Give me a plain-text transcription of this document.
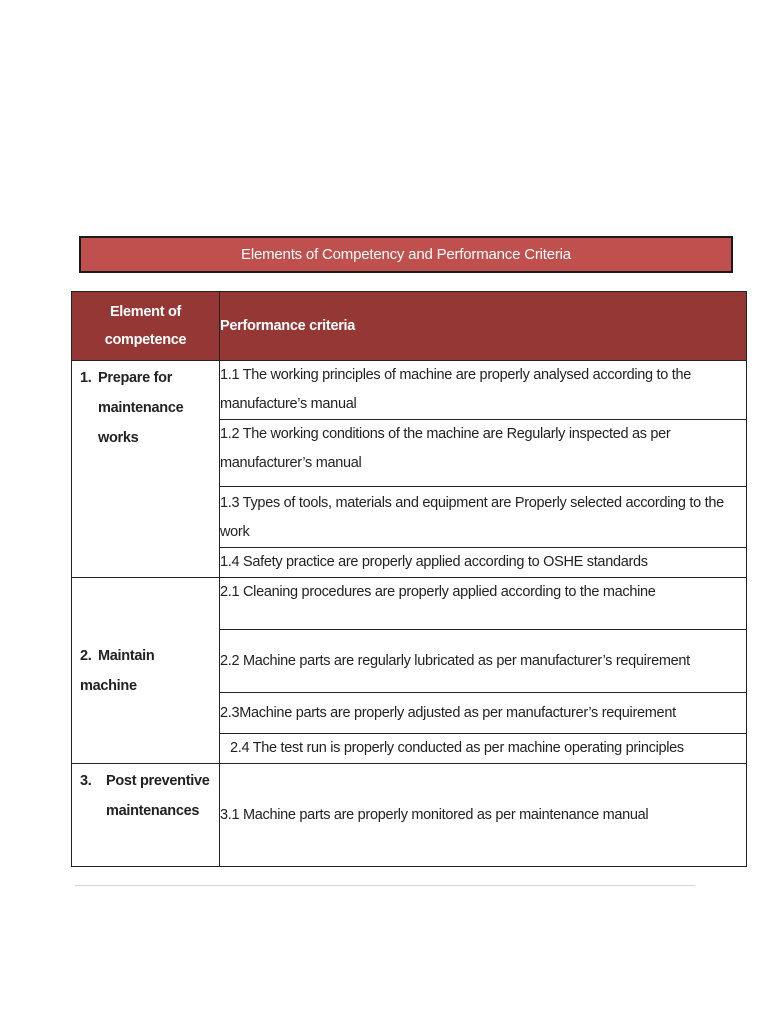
Elements of Competency and Performance Criteria
Element of competence	Performance criteria

1. Prepare for
maintenance
works	1.1 The working principles of machine are properly analysed according to the manufacture’s manual
	1.2 The working conditions of the machine are Regularly inspected as per manufacturer’s manual
	1.3 Types of tools, materials and equipment are Properly selected according to the work
	1.4 Safety practice are properly applied according to OSHE standards

2. Maintain machine	2.1 Cleaning procedures are properly applied according to the machine
	2.2 Machine parts are regularly lubricated as per manufacturer’s requirement
	2.3Machine parts are properly adjusted as per manufacturer’s requirement
	2.4 The test run is properly conducted as per machine operating principles

3. Post preventive
maintenances	3.1 Machine parts are properly monitored as per maintenance manual
